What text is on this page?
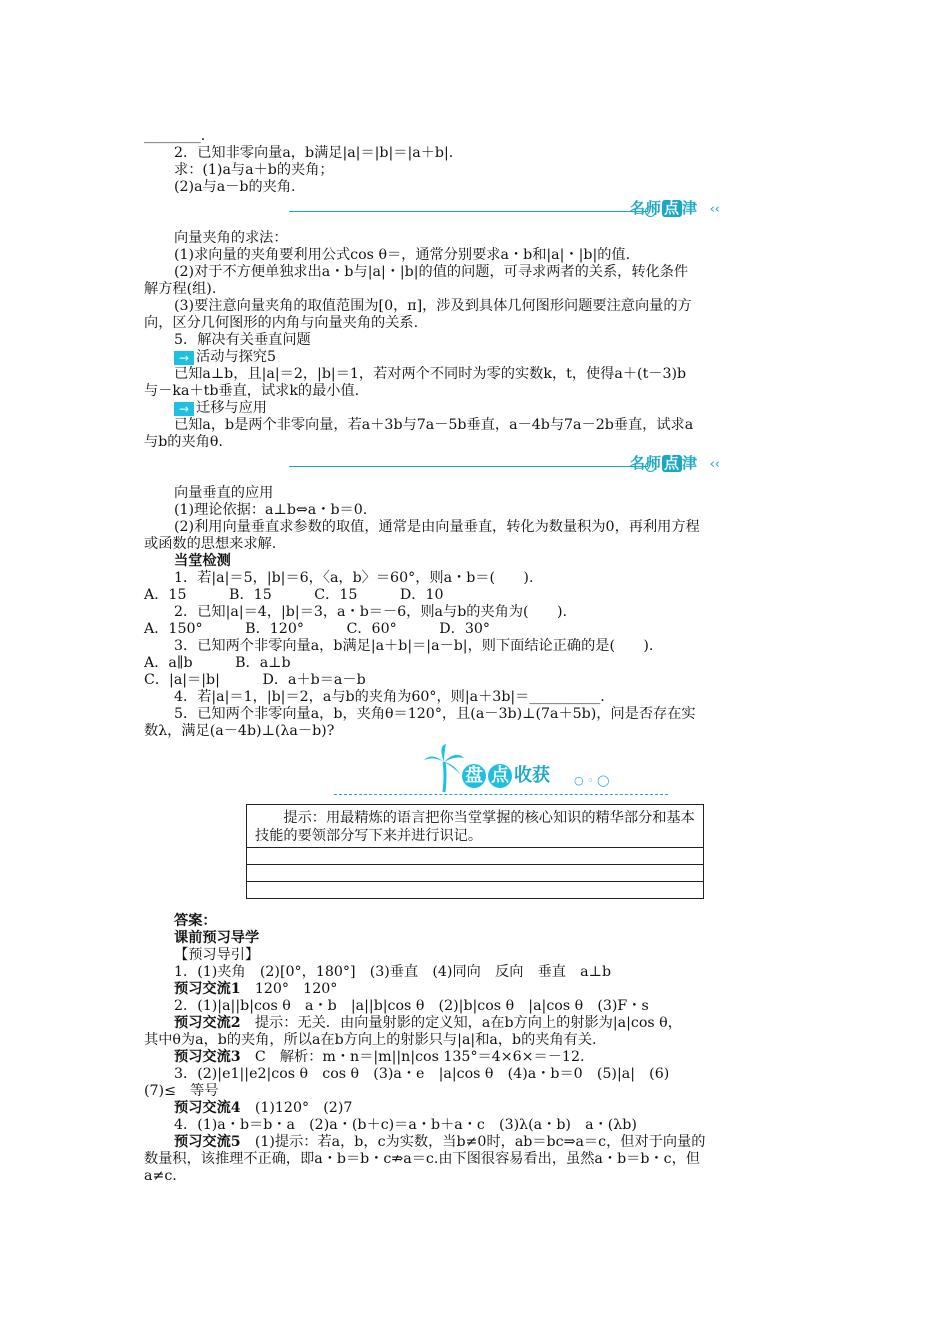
________.

2．已知非零向量a，b满足|a|＝|b|＝|a＋b|.

求：(1)a与a＋b的夹角；

(2)a与a－b的夹角.

名师 点 津 ‹‹

向量夹角的求法：

(1)求向量的夹角要利用公式cos θ＝，通常分别要求a・b和|a|・|b|的值.

(2)对于不方便单独求出a・b与|a|・|b|的值的问题，可寻求两者的关系，转化条件

解方程(组).

(3)要注意向量夹角的取值范围为[0，π]，涉及到具体几何图形问题要注意向量的方

向，区分几何图形的内角与向量夹角的关系.

5．解决有关垂直问题

→ 活动与探究5

已知a⊥b，且|a|＝2，|b|＝1，若对两个不同时为零的实数k，t，使得a＋(t－3)b

与－ka＋tb垂直，试求k的最小值.

→ 迁移与应用

已知a，b是两个非零向量，若a＋3b与7a－5b垂直，a－4b与7a－2b垂直，试求a

与b的夹角θ.

名师 点 津 ‹‹

向量垂直的应用

(1)理论依据：a⊥b⇔a・b＝0.

(2)利用向量垂直求参数的取值，通常是由向量垂直，转化为数量积为0，再利用方程

或函数的思想来求解.

当堂检测

1．若|a|＝5，|b|＝6，〈a，b〉＝60°，则a・b＝(　　).

A．15　　　B．15　　　C．15　　　D．10

2．已知|a|＝4，|b|＝3，a・b＝－6，则a与b的夹角为(　　).

A．150°　　　B．120°　　　C．60°　　　D．30°

3．已知两个非零向量a，b满足|a＋b|＝|a－b|，则下面结论正确的是(　　).

A．a∥b　　　B．a⊥b

C．|a|＝|b|　　　D．a＋b＝a－b

4．若|a|＝1，|b|＝2，a与b的夹角为60°，则|a＋3b|＝__________.

5．已知两个非零向量a，b，夹角θ＝120°，且(a－3b)⊥(7a＋5b)，问是否存在实

数λ，满足(a－4b)⊥(λa－b)?

盘 点 收获 ○ ◦ ◯
　　提示：用最精炼的语言把你当堂掌握的核心知识的精华部分和基本技能的要领部分写下来并进行识记。

答案：

课前预习导学

【预习导引】

1．(1)夹角　(2)[0°，180°]　(3)垂直　(4)同向　反向　垂直　a⊥b

预习交流1　120°　120°

2．(1)|a||b|cos θ　a・b　|a||b|cos θ　(2)|b|cos θ　|a|cos θ　(3)F・s

预习交流2　提示：无关．由向量射影的定义知，a在b方向上的射影为|a|cos θ，

其中θ为a，b的夹角，所以a在b方向上的射影只与|a|和a，b的夹角有关.

预习交流3　C　解析：m・n＝|m||n|cos 135°＝4×6×＝－12.

3．(2)|e1||e2|cos θ　cos θ　(3)a・e　|a|cos θ　(4)a・b＝0　(5)|a|　(6)

(7)≤　等号

预习交流4　(1)120°　(2)7

4．(1)a・b＝b・a　(2)a・(b＋c)＝a・b＋a・c　(3)λ(a・b)　a・(λb)

预习交流5　(1)提示：若a，b，c为实数，当b≠0时，ab＝bc⇒a＝c，但对于向量的

数量积，该推理不正确，即a・b＝b・c⇏a＝c.由下图很容易看出，虽然a・b＝b・c，但

a≠c.
